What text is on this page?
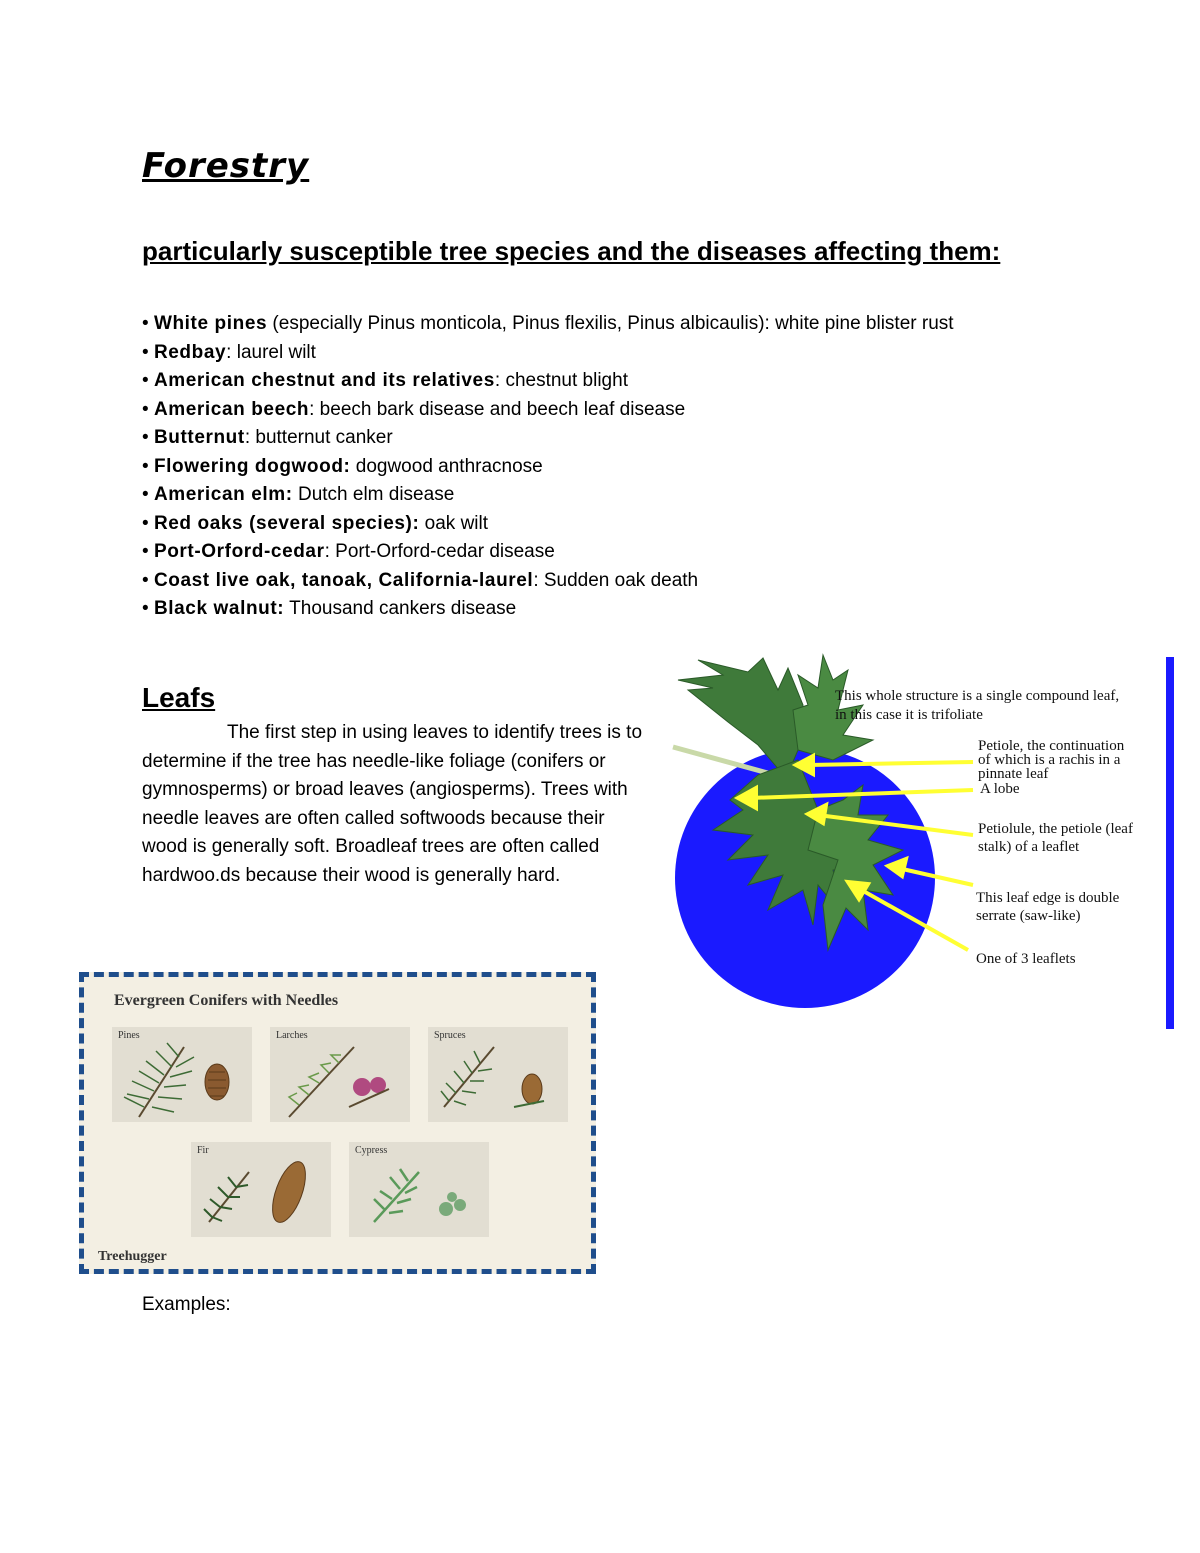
Forestry
particularly susceptible tree species and the diseases affecting them:
• White pines (especially Pinus monticola, Pinus flexilis, Pinus albicaulis): white pine blister rust
• Redbay: laurel wilt
• American chestnut and its relatives: chestnut blight
• American beech: beech bark disease and beech leaf disease
• Butternut: butternut canker
• Flowering dogwood: dogwood anthracnose
• American elm: Dutch elm disease
• Red oaks (several species): oak wilt
• Port-Orford-cedar: Port-Orford-cedar disease
• Coast live oak, tanoak, California-laurel: Sudden oak death
• Black walnut: Thousand cankers disease
Leafs

The first step in using leaves to identify trees is to determine if the tree has needle-like foliage (conifers or gymnosperms) or broad leaves (angiosperms). Trees with needle leaves are often called softwoods because their wood is generally soft. Broadleaf trees are often called hardwoo.ds because their wood is generally hard.

This whole structure is a single compound leaf, in this case it is trifoliate
Petiole, the continuation of which is a rachis in a pinnate leaf
A lobe
Petiolule, the petiole (leaf stalk) of a leaflet
This leaf edge is double serrate (saw-like)
One of 3 leaflets
Evergreen Conifers with Needles
Pines	Larches	Spruces
Fir	Cypress
Treehugger
Examples:
